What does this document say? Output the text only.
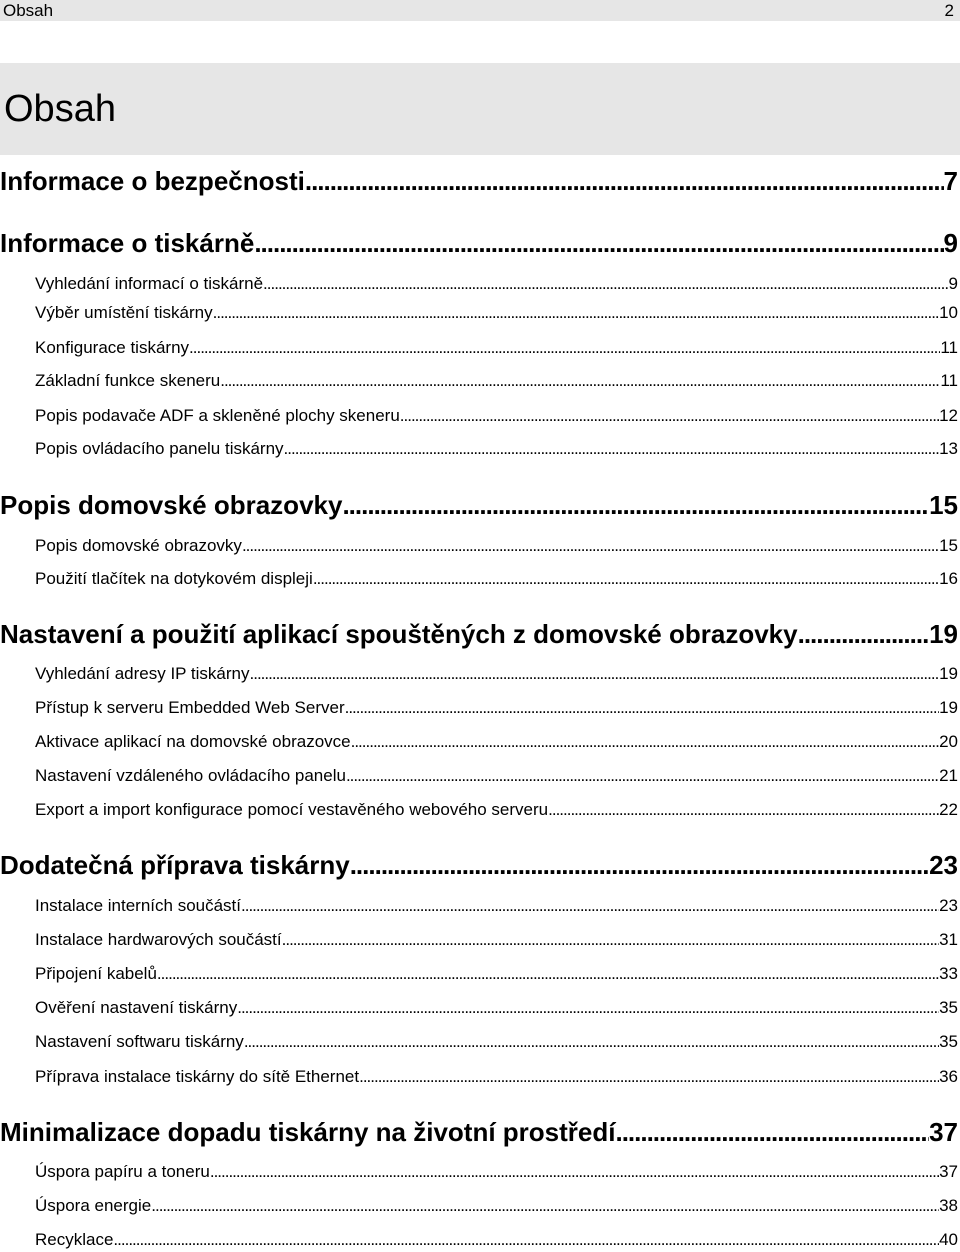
Obsah	2
Obsah
Informace o bezpečnosti .....	7
Informace o tiskárně .....	9
Vyhledání informací o tiskárně .....	9
Výběr umístění tiskárny .....	10
Konfigurace tiskárny .....	11
Základní funkce skeneru .....	11
Popis podavače ADF a skleněné plochy skeneru .....	12
Popis ovládacího panelu tiskárny .....	13
Popis domovské obrazovky .....	15
Popis domovské obrazovky .....	15
Použití tlačítek na dotykovém displeji .....	16
Nastavení a použití aplikací spouštěných z domovské obrazovky .....	19
Vyhledání adresy IP tiskárny .....	19
Přístup k serveru Embedded Web Server .....	19
Aktivace aplikací na domovské obrazovce .....	20
Nastavení vzdáleného ovládacího panelu .....	21
Export a import konfigurace pomocí vestavěného webového serveru .....	22
Dodatečná příprava tiskárny .....	23
Instalace interních součástí .....	23
Instalace hardwarových součástí .....	31
Připojení kabelů .....	33
Ověření nastavení tiskárny .....	35
Nastavení softwaru tiskárny .....	35
Příprava instalace tiskárny do sítě Ethernet .....	36
Minimalizace dopadu tiskárny na životní prostředí .....	37
Úspora papíru a toneru .....	37
Úspora energie .....	38
Recyklace .....	40
